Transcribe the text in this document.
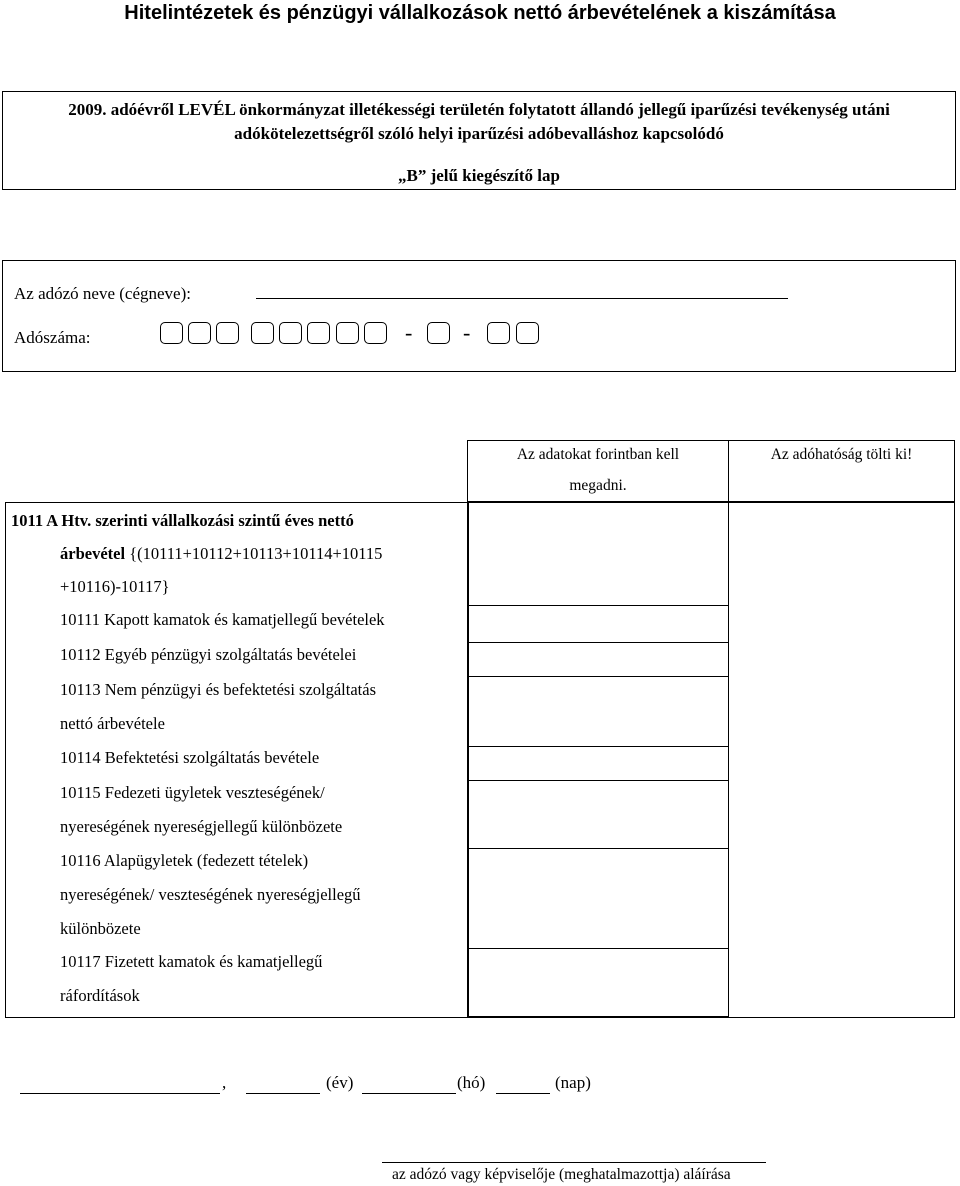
Hitelintézetek és pénzügyi vállalkozások nettó árbevételének a kiszámítása
2009. adóévről LEVÉL önkormányzat illetékességi területén folytatott állandó jellegű iparűzési tevékenység utáni
adókötelezettségről szóló helyi iparűzési adóbevalláshoz kapcsolódó
„B” jelű kiegészítő lap
Az adózó neve (cégneve):
Adószáma:	- -
Az adatokat forintban kell
megadni.
Az adóhatóság tölti ki!
1011 A Htv. szerinti vállalkozási szintű éves nettó
árbevétel {(10111+10112+10113+10114+10115
+10116)-10117}
10111 Kapott kamatok és kamatjellegű bevételek
10112 Egyéb pénzügyi szolgáltatás bevételei
10113 Nem pénzügyi és befektetési szolgáltatás
nettó árbevétele
10114 Befektetési szolgáltatás bevétele
10115 Fedezeti ügyletek veszteségének/
nyereségének nyereségjellegű különbözete
10116 Alapügyletek (fedezett tételek)
nyereségének/ veszteségének nyereségjellegű
különbözete
10117 Fizetett kamatok és kamatjellegű
ráfordítások
,	(év)	(hó)	(nap)
az adózó vagy képviselője (meghatalmazottja) aláírása
